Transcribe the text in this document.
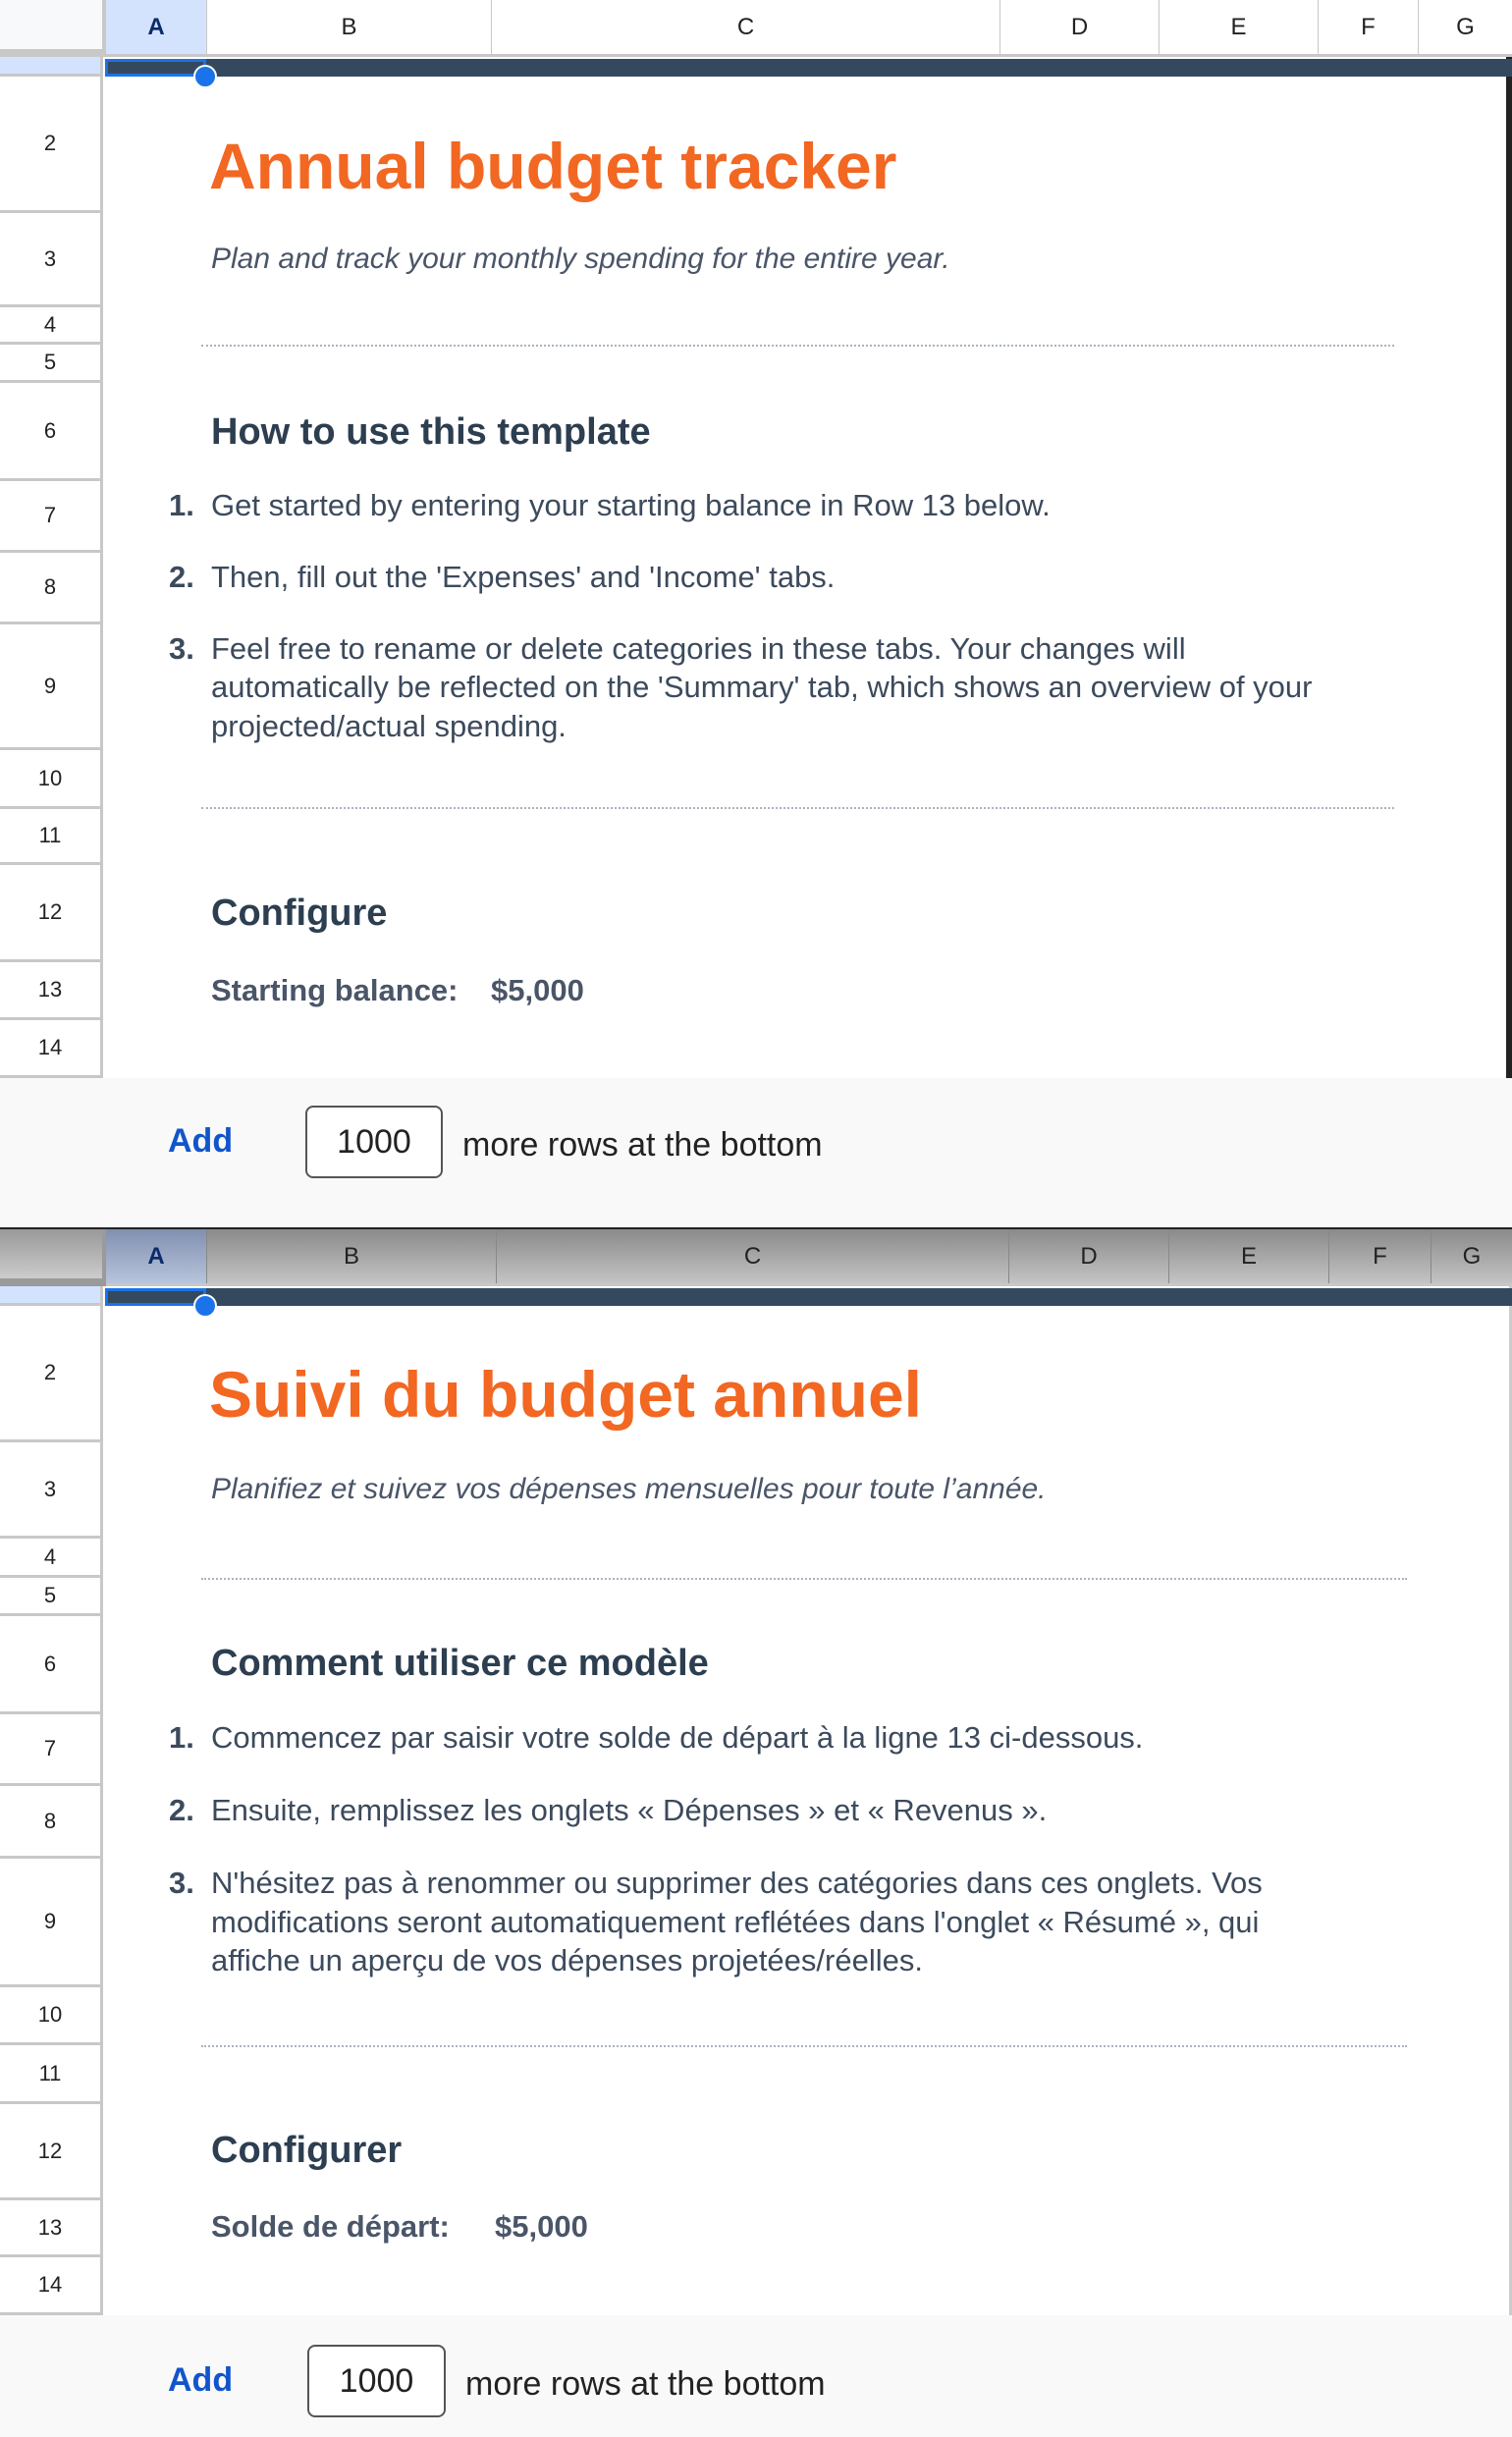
A	B	C	D	E	F	G
2
3
4
5
6
7
8
9
10
11
12
13
14
Annual budget tracker
Plan and track your monthly spending for the entire year.
How to use this template
1. Get started by entering your starting balance in Row 13 below.
2. Then, fill out the 'Expenses' and 'Income' tabs.
3. Feel free to rename or delete categories in these tabs. Your changes will
automatically be reflected on the 'Summary' tab, which shows an overview of your
projected/actual spending.
Configure
Starting balance: $5,000
Add	1000	more rows at the bottom
A	B	C	D	E	F	G
2
3
4
5
6
7
8
9
10
11
12
13
14
Suivi du budget annuel
Planifiez et suivez vos dépenses mensuelles pour toute l’année.
Comment utiliser ce modèle
1. Commencez par saisir votre solde de départ à la ligne 13 ci-dessous.
2. Ensuite, remplissez les onglets « Dépenses » et « Revenus ».
3. N'hésitez pas à renommer ou supprimer des catégories dans ces onglets. Vos
modifications seront automatiquement reflétées dans l'onglet « Résumé », qui
affiche un aperçu de vos dépenses projetées/réelles.
Configurer
Solde de départ: $5,000
Add	1000	more rows at the bottom
